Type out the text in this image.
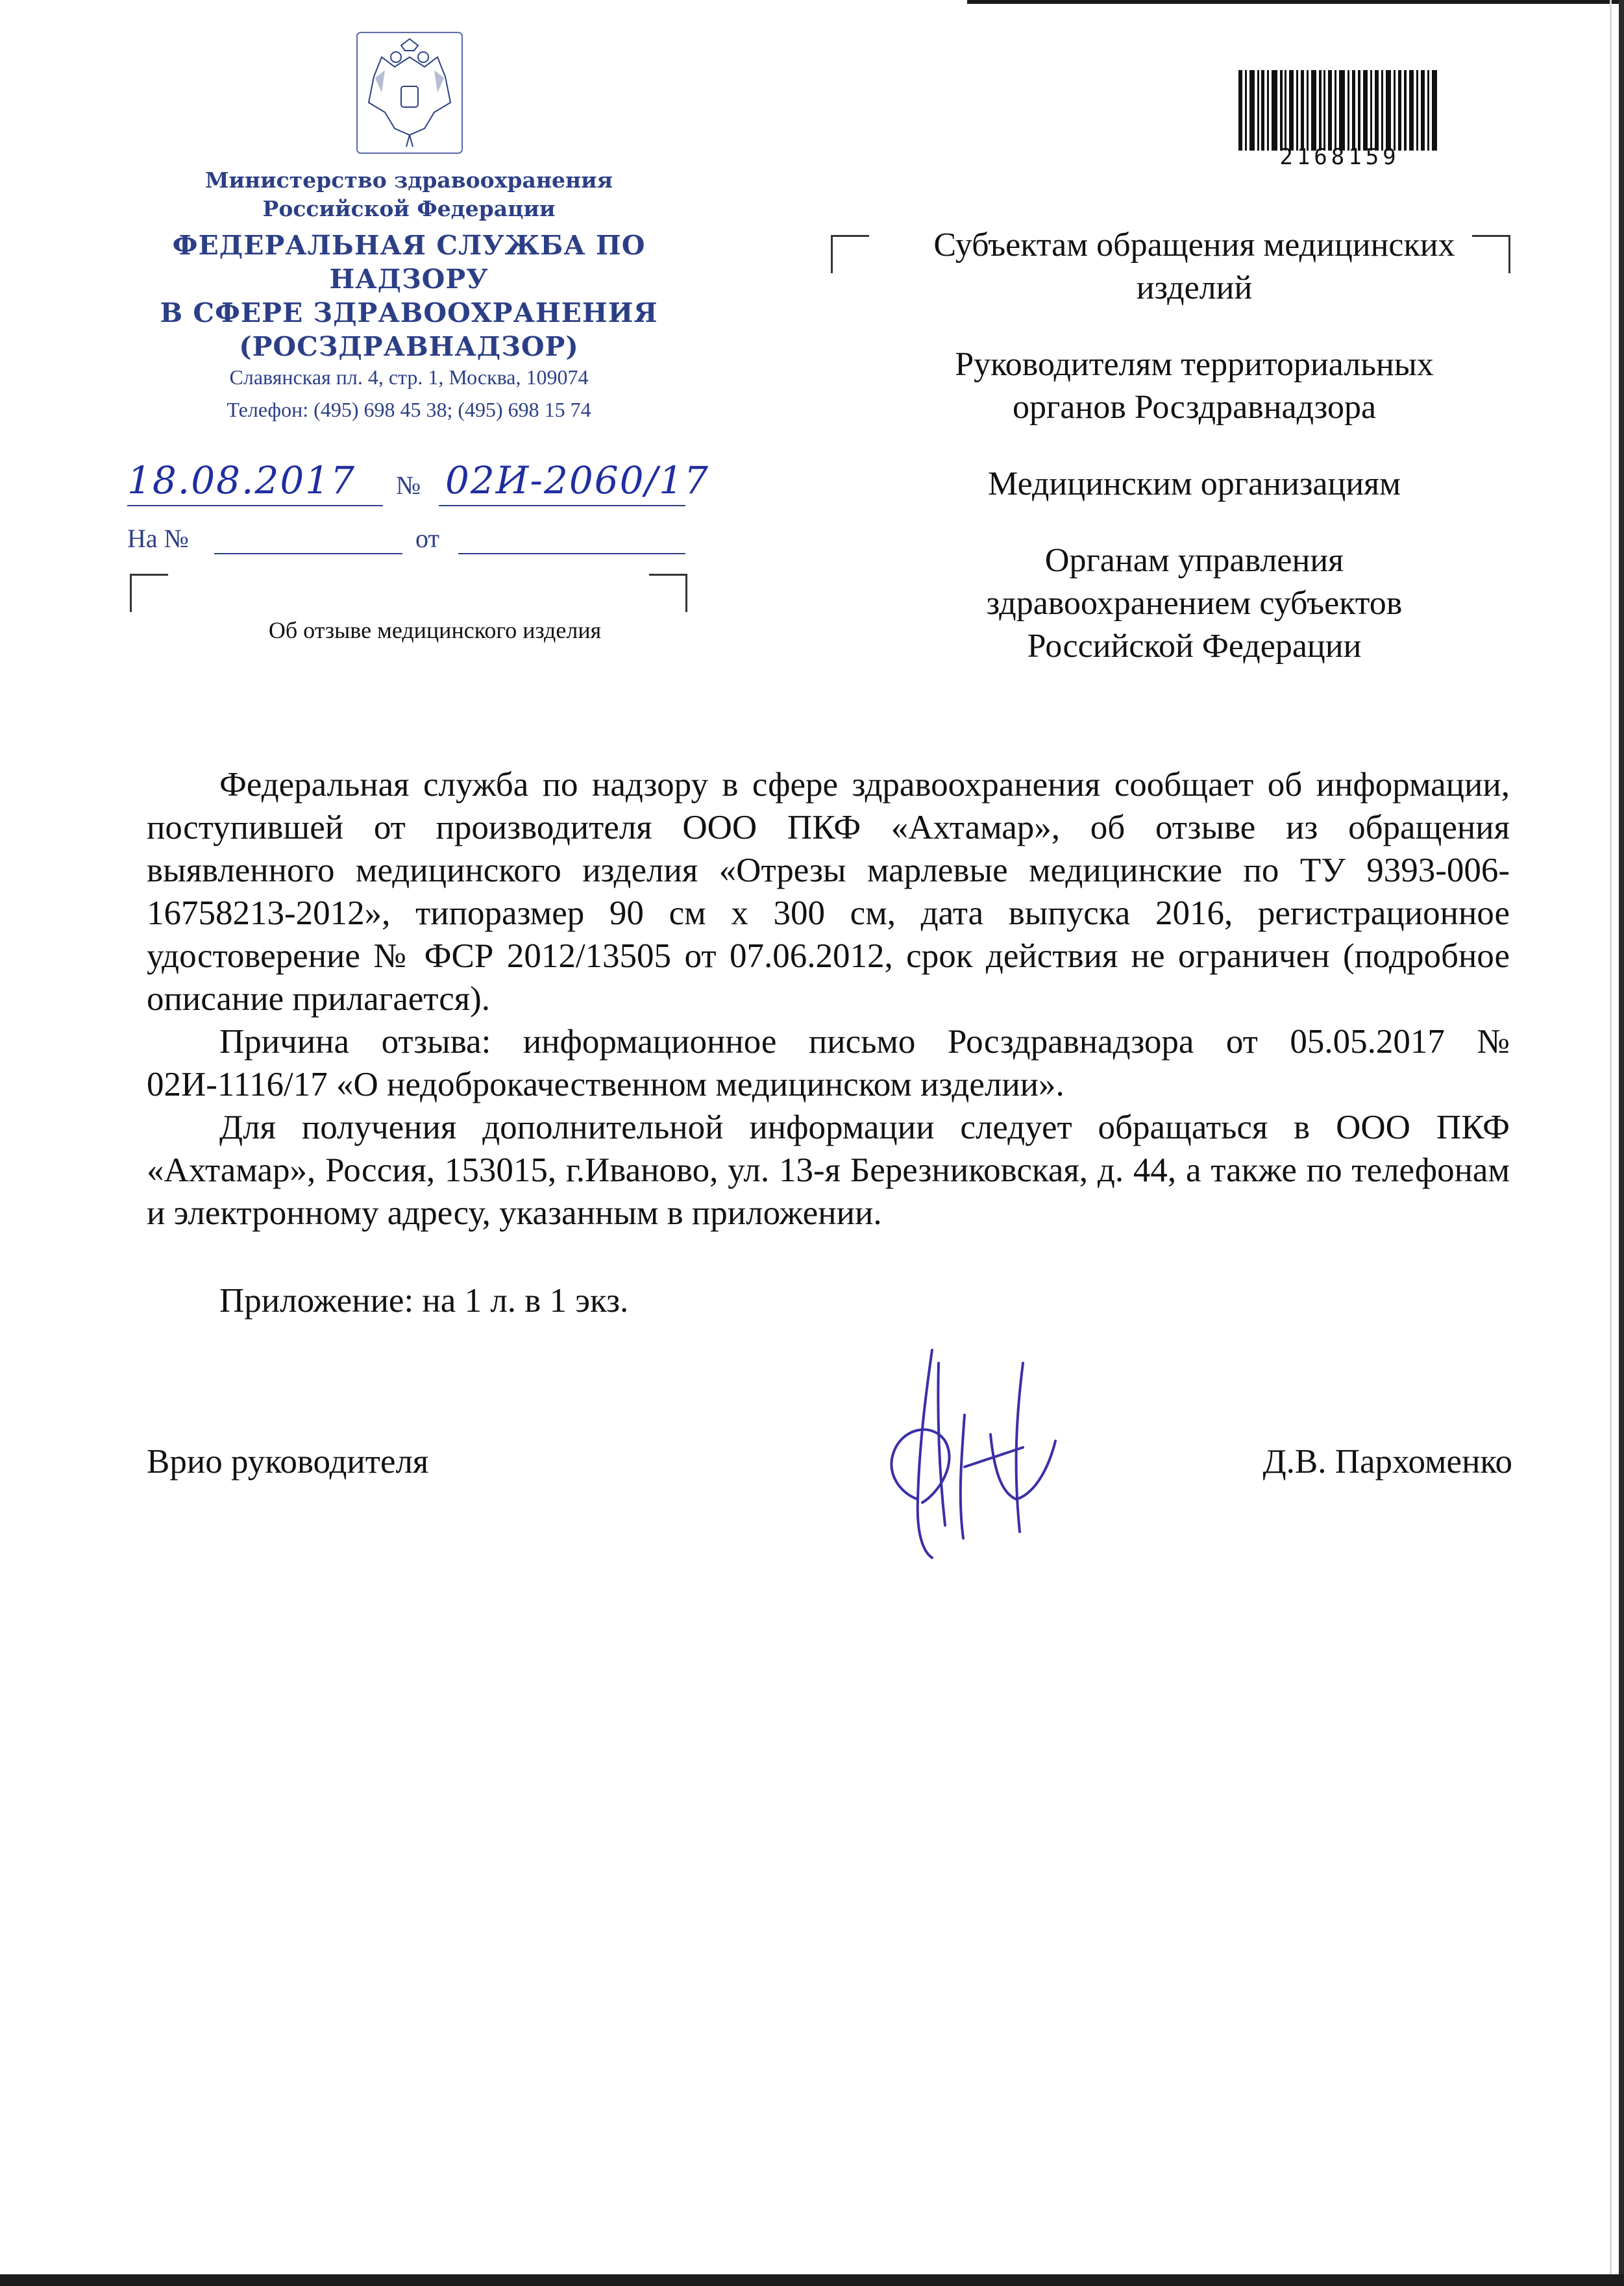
Министерство здравоохранения
Российской Федерации
ФЕДЕРАЛЬНАЯ СЛУЖБА ПО НАДЗОРУ
В СФЕРЕ ЗДРАВООХРАНЕНИЯ
(РОСЗДРАВНАДЗОР)
Славянская пл. 4, стр. 1, Москва, 109074
Телефон: (495) 698 45 38; (495) 698 15 74
18.08.2017 № 02И-2060/17
На №	от
Об отзыве медицинского изделия
2168159

Субъектам обращения медицинских изделий

Руководителям территориальных органов Росздравнадзора

Медицинским организациям

Органам управления здравоохранением субъектов Российской Федерации

Федеральная служба по надзору в сфере здравоохранения сообщает об информации, поступившей от производителя ООО ПКФ «Ахтамар», об отзыве из обращения выявленного медицинского изделия «Отрезы марлевые медицинские по ТУ 9393-006-16758213-2012», типоразмер 90 см х 300 см, дата выпуска 2016, регистрационное удостоверение № ФСР 2012/13505 от 07.06.2012, срок действия не ограничен (подробное описание прилагается).

Причина отзыва: информационное письмо Росздравнадзора от 05.05.2017 № 02И-1116/17 «О недоброкачественном медицинском изделии».

Для получения дополнительной информации следует обращаться в ООО ПКФ «Ахтамар», Россия, 153015, г.Иваново, ул. 13-я Березниковская, д. 44, а также по телефонам и электронному адресу, указанным в приложении.

Приложение: на 1 л. в 1 экз.
Врио руководителя	Д.В. Пархоменко
